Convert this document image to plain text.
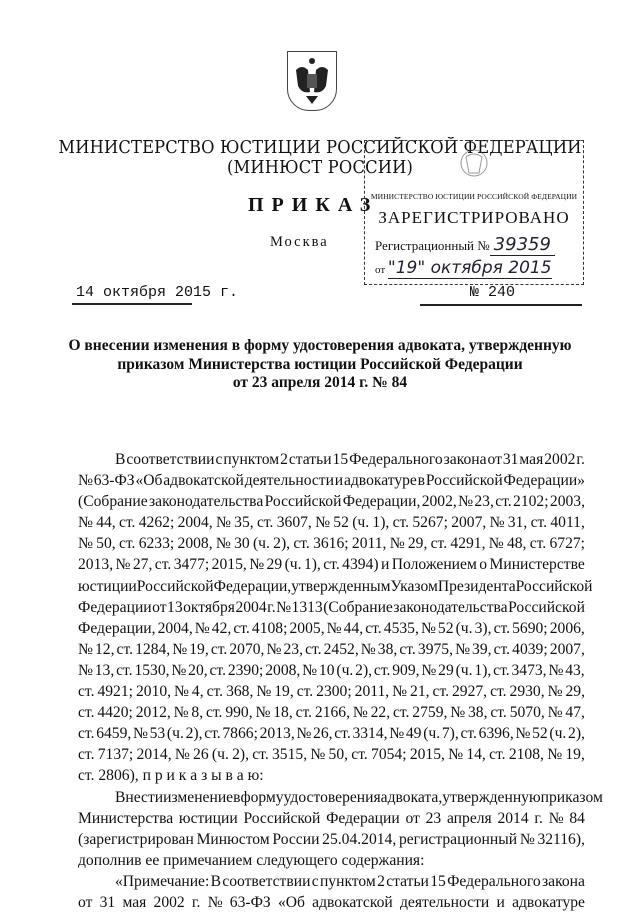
МИНИСТЕРСТВО ЮСТИЦИИ РОССИЙСКОЙ ФЕДЕРАЦИИ
(МИНЮСТ РОССИИ)
ПРИКАЗ
Москва
МИНИСТЕРСТВО ЮСТИЦИИ РОССИЙСКОЙ ФЕДЕРАЦИИ
ЗАРЕГИСТРИРОВАНО
Регистрационный № 39359
от "19" октября 2015
14 октября 2015 г.	№ 240
О внесении изменения в форму удостоверения адвоката, утвержденную
приказом Министерства юстиции Российской Федерации
от 23 апреля 2014 г. № 84
В соответствии с пунктом 2 статьи 15 Федерального закона от 31 мая 2002 г.
№ 63-ФЗ «Об адвокатской деятельности и адвокатуре в Российской Федерации»
(Собрание законодательства Российской Федерации, 2002, № 23, ст. 2102; 2003,
№ 44, ст. 4262; 2004, № 35, ст. 3607, № 52 (ч. 1), ст. 5267; 2007, № 31, ст. 4011,
№ 50, ст. 6233; 2008, № 30 (ч. 2), ст. 3616; 2011, № 29, ст. 4291, № 48, ст. 6727;
2013, № 27, ст. 3477; 2015, № 29 (ч. 1), ст. 4394) и Положением о Министерстве
юстиции Российской Федерации, утвержденным Указом Президента Российской
Федерации от 13 октября 2004 г. № 1313 (Собрание законодательства Российской
Федерации, 2004, № 42, ст. 4108; 2005, № 44, ст. 4535, № 52 (ч. 3), ст. 5690; 2006,
№ 12, ст. 1284, № 19, ст. 2070, № 23, ст. 2452, № 38, ст. 3975, № 39, ст. 4039; 2007,
№ 13, ст. 1530, № 20, ст. 2390; 2008, № 10 (ч. 2), ст. 909, № 29 (ч. 1), ст. 3473, № 43,
ст. 4921; 2010, № 4, ст. 368, № 19, ст. 2300; 2011, № 21, ст. 2927, ст. 2930, № 29,
ст. 4420; 2012, № 8, ст. 990, № 18, ст. 2166, № 22, ст. 2759, № 38, ст. 5070, № 47,
ст. 6459, № 53 (ч. 2), ст. 7866; 2013, № 26, ст. 3314, № 49 (ч. 7), ст. 6396, № 52 (ч. 2),
ст. 7137; 2014, № 26 (ч. 2), ст. 3515, № 50, ст. 7054; 2015, № 14, ст. 2108, № 19,
ст. 2806), п р и к а з ы в а ю:
Внести изменение в форму удостоверения адвоката, утвержденную приказом
Министерства юстиции Российской Федерации от 23 апреля 2014 г. № 84
(зарегистрирован Минюстом России 25.04.2014, регистрационный № 32116),
дополнив ее примечанием следующего содержания:
«Примечание: В соответствии с пунктом 2 статьи 15 Федерального закона
от 31 мая 2002 г. № 63-ФЗ «Об адвокатской деятельности и адвокатуре
